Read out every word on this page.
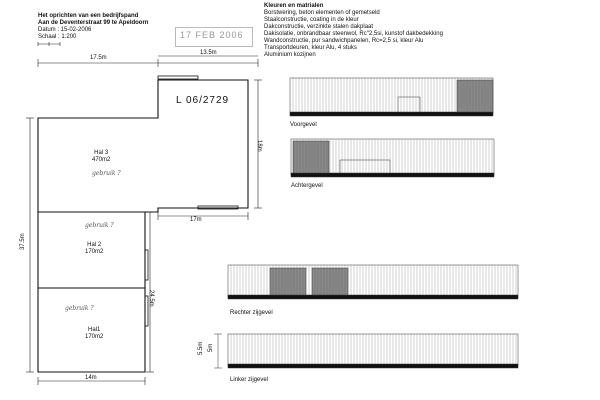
Het oprichten van een bedrijfspand
Aan de Deventerstraat 99 te Apeldoorn
Datum : 15-02-2006
Schaal : 1:200	17 FEB 2006
L 06/2729
17.5m
13.5m
18m
17m
37.5m
24.5m
14m
Hal 3
470m2
gebruik ?
Hal 2
170m2
gebruik ?
Hal1
170m2
gebruik ?
Kleuren en matrialen
Borstwering, beton elementen of gemetseld
Staalconstructie, coating in de kleur
Dakconstructie, verzinkte stalen dakplaat
Dakisolatie, onbrandbaar steenwol, Rc"2,5si, kunstof dakbedekking
Wandconstructie, pur sandwichpanelen, Rc=2,5 si, kleur Alu
Transportdeuren, kleur Alu, 4 stuks
Aluminium kozijnen
Voorgevel
Achtergevel
Rechter zijgevel
Linker zijgevel
5.5m 5m
